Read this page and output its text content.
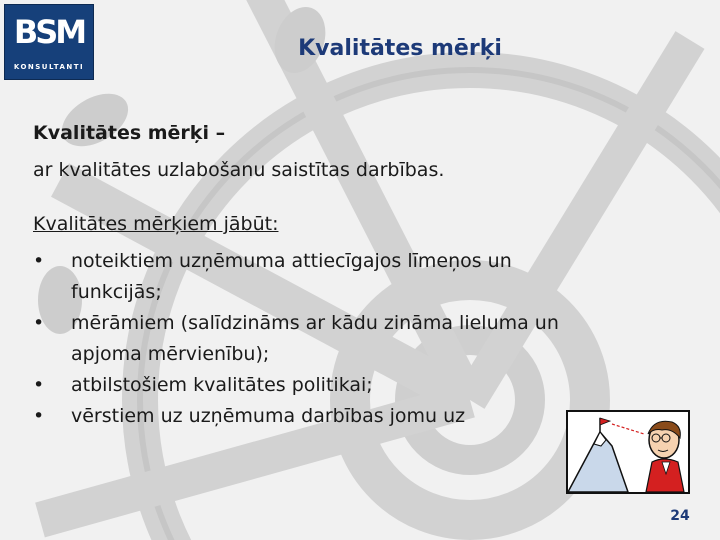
BSM
KONSULTANTI
Kvalitātes mērķi
Kvalitātes mērķi –
ar kvalitātes uzlabošanu saistītas darbības.
Kvalitātes mērķiem jābūt:
• noteiktiem uzņēmuma attiecīgajos līmeņos un
funkcijās;
• mērāmiem (salīdzināms ar kādu zināma lieluma un
apjoma mērvienību);
• atbilstošiem kvalitātes politikai;
• vērstiem uz uzņēmuma darbības jomu uz
24
